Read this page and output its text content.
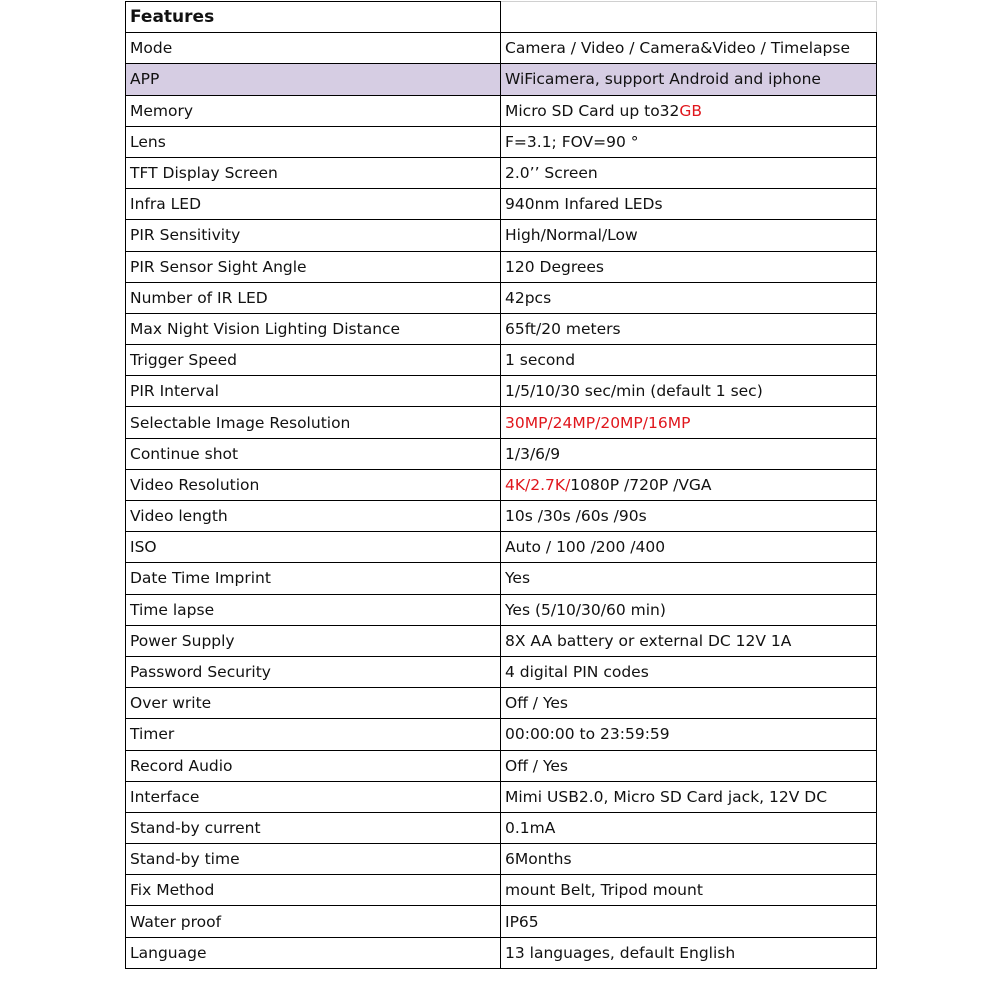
Features	
Mode	Camera / Video / Camera&Video / Timelapse
APP	WiFicamera, support Android and iphone
Memory	Micro SD Card up to32GB
Lens	F=3.1; FOV=90 °
TFT Display Screen	2.0’’ Screen
Infra LED	940nm Infared LEDs
PIR Sensitivity	High/Normal/Low
PIR Sensor Sight Angle	120 Degrees
Number of IR LED	42pcs
Max Night Vision Lighting Distance	65ft/20 meters
Trigger Speed	1 second
PIR Interval	1/5/10/30 sec/min (default 1 sec)
Selectable Image Resolution	30MP/24MP/20MP/16MP
Continue shot	1/3/6/9
Video Resolution	4K/2.7K/1080P /720P /VGA
Video length	10s /30s /60s /90s
ISO	Auto / 100 /200 /400
Date Time Imprint	Yes
Time lapse	Yes (5/10/30/60 min)
Power Supply	8X AA battery or external DC 12V 1A
Password Security	4 digital PIN codes
Over write	Off / Yes
Timer	00:00:00 to 23:59:59
Record Audio	Off / Yes
Interface	Mimi USB2.0, Micro SD Card jack, 12V DC
Stand-by current	0.1mA
Stand-by time	6Months
Fix Method	mount Belt, Tripod mount
Water proof	IP65
Language	13 languages, default English
